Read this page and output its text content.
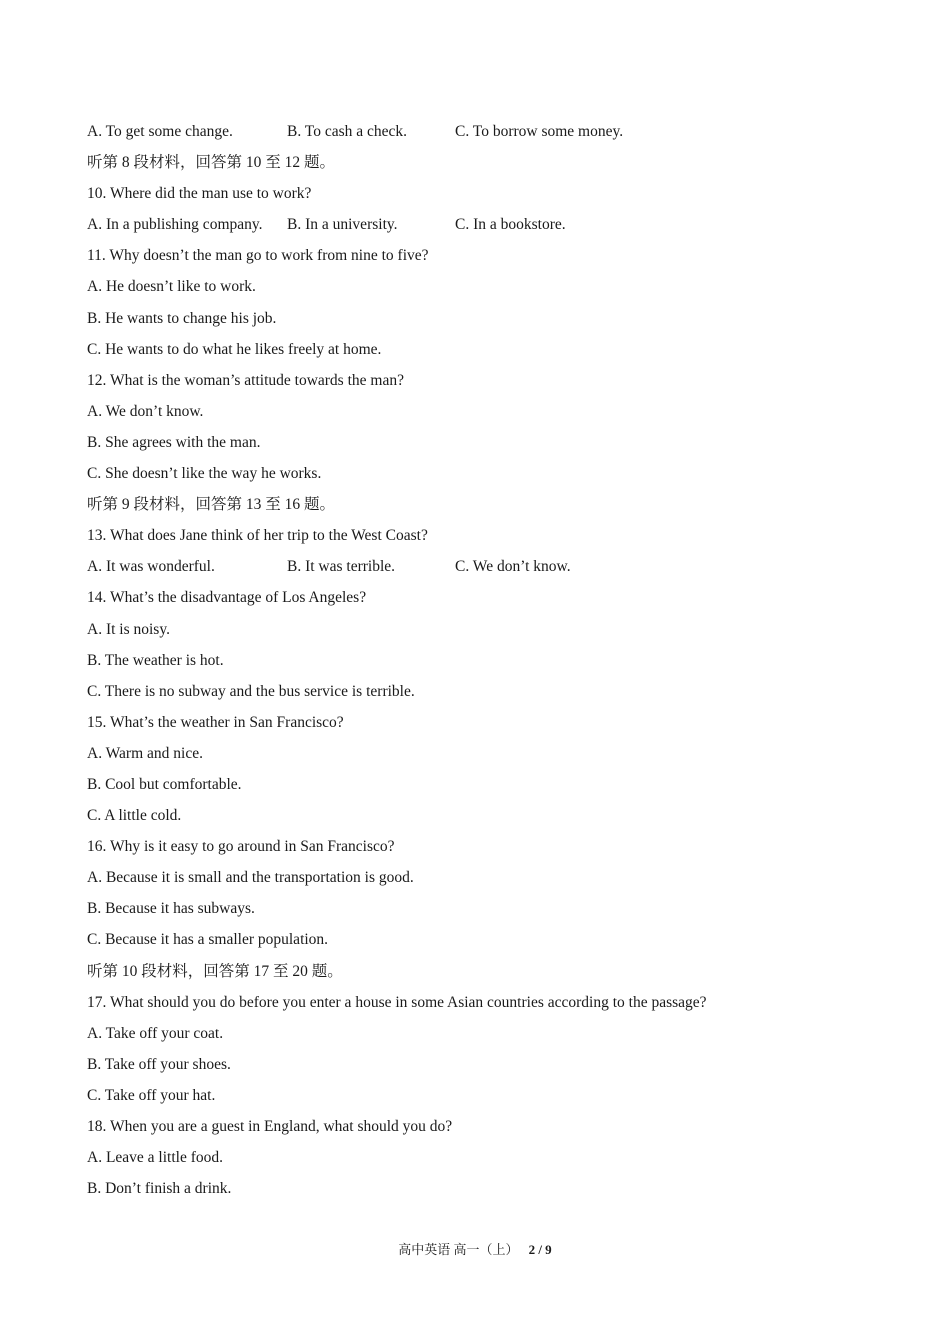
A. To get some change.	B. To cash a check.	C. To borrow some money.
听第 8 段材料，回答第 10 至 12 题。
10. Where did the man use to work?
A. In a publishing company. B. In a university.	C. In a bookstore.
11. Why doesn’t the man go to work from nine to five?
A. He doesn’t like to work.
B. He wants to change his job.
C. He wants to do what he likes freely at home.
12. What is the woman’s attitude towards the man?
A. We don’t know.
B. She agrees with the man.
C. She doesn’t like the way he works.
听第 9 段材料，回答第 13 至 16 题。
13. What does Jane think of her trip to the West Coast?
A. It was wonderful.	B. It was terrible.	C. We don’t know.
14. What’s the disadvantage of Los Angeles?
A. It is noisy.
B. The weather is hot.
C. There is no subway and the bus service is terrible.
15. What’s the weather in San Francisco?
A. Warm and nice.
B. Cool but comfortable.
C. A little cold.
16. Why is it easy to go around in San Francisco?
A. Because it is small and the transportation is good.
B. Because it has subways.
C. Because it has a smaller population.
听第 10 段材料，回答第 17 至 20 题。
17. What should you do before you enter a house in some Asian countries according to the passage?
A. Take off your coat.
B. Take off your shoes.
C. Take off your hat.
18. When you are a guest in England, what should you do?
A. Leave a little food.
B. Don’t finish a drink.
高中英语 高一（上） 2 / 9
